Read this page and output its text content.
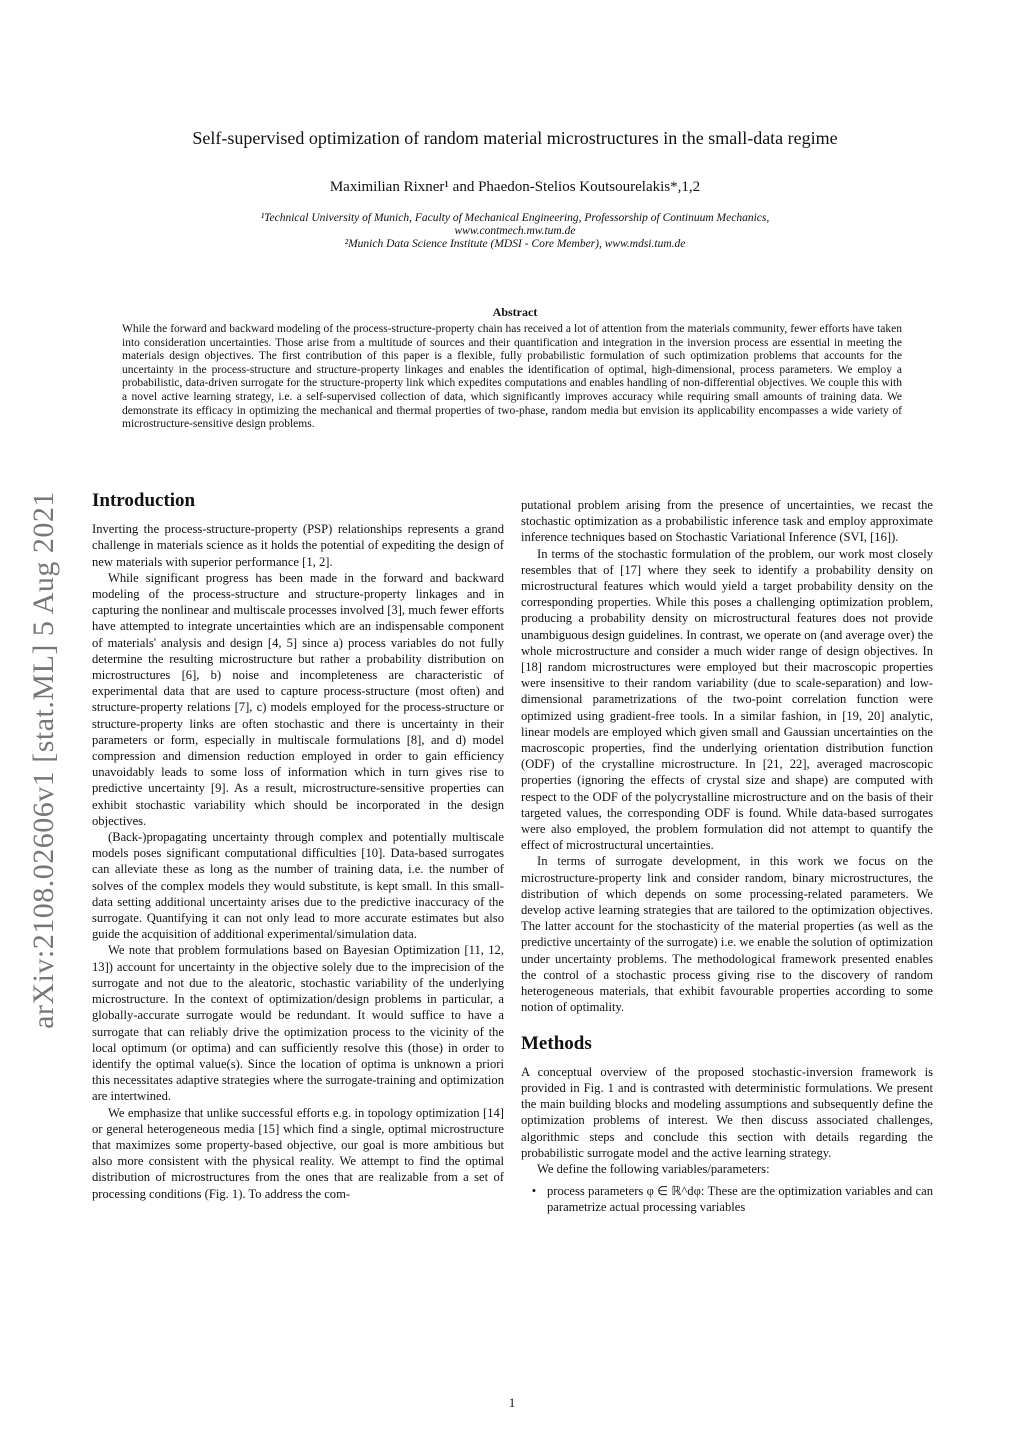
arXiv:2108.02606v1 [stat.ML] 5 Aug 2021
Self-supervised optimization of random material microstructures in the small-data regime
Maximilian Rixner¹ and Phaedon-Stelios Koutsourelakis*,1,2
¹Technical University of Munich, Faculty of Mechanical Engineering, Professorship of Continuum Mechanics,
www.contmech.mw.tum.de
²Munich Data Science Institute (MDSI - Core Member), www.mdsi.tum.de
Abstract
While the forward and backward modeling of the process-structure-property chain has received a lot of attention from the materials community, fewer efforts have taken into consideration uncertainties. Those arise from a multitude of sources and their quantification and integration in the inversion process are essential in meeting the materials design objectives. The first contribution of this paper is a flexible, fully probabilistic formulation of such optimization problems that accounts for the uncertainty in the process-structure and structure-property linkages and enables the identification of optimal, high-dimensional, process parameters. We employ a probabilistic, data-driven surrogate for the structure-property link which expedites computations and enables handling of non-differential objectives. We couple this with a novel active learning strategy, i.e. a self-supervised collection of data, which significantly improves accuracy while requiring small amounts of training data. We demonstrate its efficacy in optimizing the mechanical and thermal properties of two-phase, random media but envision its applicability encompasses a wide variety of microstructure-sensitive design problems.
Introduction

Inverting the process-structure-property (PSP) relationships represents a grand challenge in materials science as it holds the potential of expediting the design of new materials with superior performance [1, 2].

While significant progress has been made in the forward and backward modeling of the process-structure and structure-property linkages and in capturing the nonlinear and multiscale processes involved [3], much fewer efforts have attempted to integrate uncertainties which are an indispensable component of materials' analysis and design [4, 5] since a) process variables do not fully determine the resulting microstructure but rather a probability distribution on microstructures [6], b) noise and incompleteness are characteristic of experimental data that are used to capture process-structure (most often) and structure-property relations [7], c) models employed for the process-structure or structure-property links are often stochastic and there is uncertainty in their parameters or form, especially in multiscale formulations [8], and d) model compression and dimension reduction employed in order to gain efficiency unavoidably leads to some loss of information which in turn gives rise to predictive uncertainty [9]. As a result, microstructure-sensitive properties can exhibit stochastic variability which should be incorporated in the design objectives.

(Back-)propagating uncertainty through complex and potentially multiscale models poses significant computational difficulties [10]. Data-based surrogates can alleviate these as long as the number of training data, i.e. the number of solves of the complex models they would substitute, is kept small. In this small-data setting additional uncertainty arises due to the predictive inaccuracy of the surrogate. Quantifying it can not only lead to more accurate estimates but also guide the acquisition of additional experimental/simulation data.

We note that problem formulations based on Bayesian Optimization [11, 12, 13]) account for uncertainty in the objective solely due to the imprecision of the surrogate and not due to the aleatoric, stochastic variability of the underlying microstructure. In the context of optimization/design problems in particular, a globally-accurate surrogate would be redundant. It would suffice to have a surrogate that can reliably drive the optimization process to the vicinity of the local optimum (or optima) and can sufficiently resolve this (those) in order to identify the optimal value(s). Since the location of optima is unknown a priori this necessitates adaptive strategies where the surrogate-training and optimization are intertwined.

We emphasize that unlike successful efforts e.g. in topology optimization [14] or general heterogeneous media [15] which find a single, optimal microstructure that maximizes some property-based objective, our goal is more ambitious but also more consistent with the physical reality. We attempt to find the optimal distribution of microstructures from the ones that are realizable from a set of processing conditions (Fig. 1). To address the com-

putational problem arising from the presence of uncertainties, we recast the stochastic optimization as a probabilistic inference task and employ approximate inference techniques based on Stochastic Variational Inference (SVI, [16]).

In terms of the stochastic formulation of the problem, our work most closely resembles that of [17] where they seek to identify a probability density on microstructural features which would yield a target probability density on the corresponding properties. While this poses a challenging optimization problem, producing a probability density on microstructural features does not provide unambiguous design guidelines. In contrast, we operate on (and average over) the whole microstructure and consider a much wider range of design objectives. In [18] random microstructures were employed but their macroscopic properties were insensitive to their random variability (due to scale-separation) and low-dimensional parametrizations of the two-point correlation function were optimized using gradient-free tools. In a similar fashion, in [19, 20] analytic, linear models are employed which given small and Gaussian uncertainties on the macroscopic properties, find the underlying orientation distribution function (ODF) of the crystalline microstructure. In [21, 22], averaged macroscopic properties (ignoring the effects of crystal size and shape) are computed with respect to the ODF of the polycrystalline microstructure and on the basis of their targeted values, the corresponding ODF is found. While data-based surrogates were also employed, the problem formulation did not attempt to quantify the effect of microstructural uncertainties.

In terms of surrogate development, in this work we focus on the microstructure-property link and consider random, binary microstructures, the distribution of which depends on some processing-related parameters. We develop active learning strategies that are tailored to the optimization objectives. The latter account for the stochasticity of the material properties (as well as the predictive uncertainty of the surrogate) i.e. we enable the solution of optimization under uncertainty problems. The methodological framework presented enables the control of a stochastic process giving rise to the discovery of random heterogeneous materials, that exhibit favourable properties according to some notion of optimality.

Methods

A conceptual overview of the proposed stochastic-inversion framework is provided in Fig. 1 and is contrasted with deterministic formulations. We present the main building blocks and modeling assumptions and subsequently define the optimization problems of interest. We then discuss associated challenges, algorithmic steps and conclude this section with details regarding the probabilistic surrogate model and the active learning strategy.

We define the following variables/parameters:

• process parameters φ ∈ ℝ^dφ: These are the optimization variables and can parametrize actual processing variables
1
